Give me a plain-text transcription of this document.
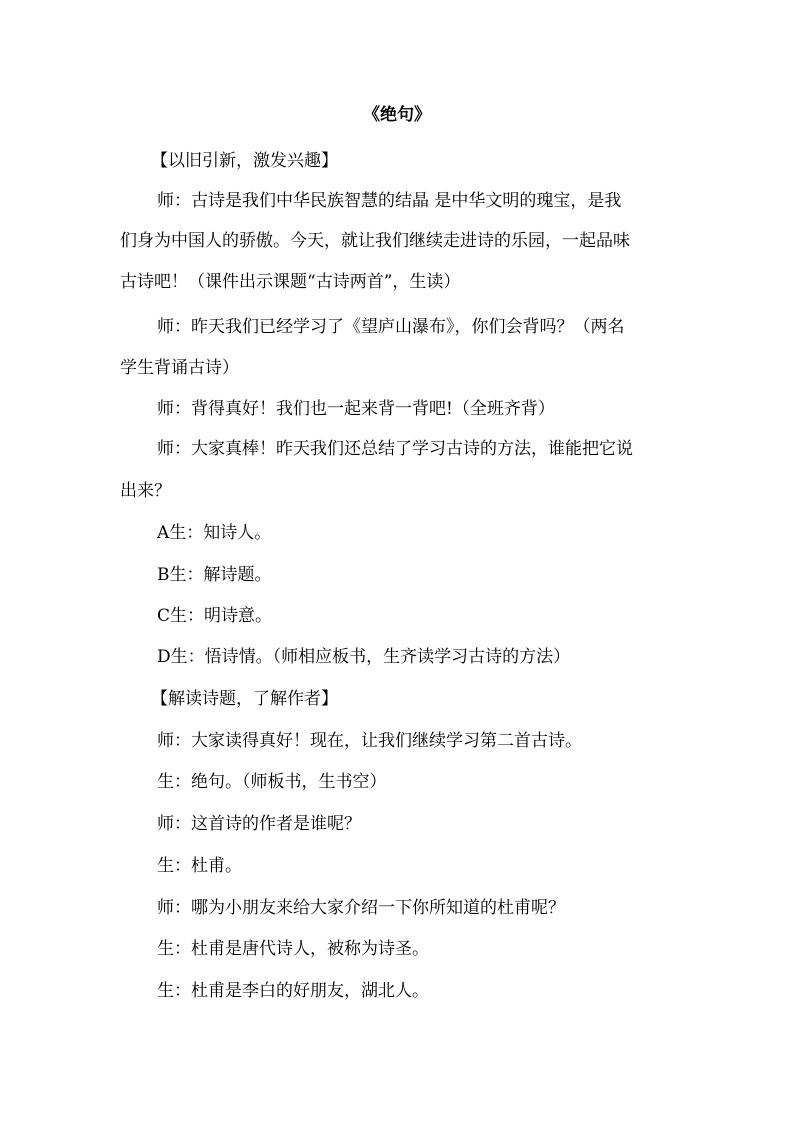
《绝句》
【以旧引新，激发兴趣】
师：古诗是我们中华民族智慧的结晶 是中华文明的瑰宝，是我
们身为中国人的骄傲。今天，就让我们继续走进诗的乐园，一起品味
古诗吧！（课件出示课题“古诗两首”，生读）
师：昨天我们已经学习了《望庐山瀑布》，你们会背吗？（两名
学生背诵古诗）
师：背得真好！我们也一起来背一背吧!（全班齐背）
师：大家真棒！昨天我们还总结了学习古诗的方法，谁能把它说
出来？
A生：知诗人。
B生：解诗题。
C生：明诗意。
D生：悟诗情。（师相应板书，生齐读学习古诗的方法）
【解读诗题，了解作者】
师：大家读得真好！现在，让我们继续学习第二首古诗。
生：绝句。（师板书，生书空）
师：这首诗的作者是谁呢？
生：杜甫。
师：哪为小朋友来给大家介绍一下你所知道的杜甫呢？
生：杜甫是唐代诗人，被称为诗圣。
生：杜甫是李白的好朋友，湖北人。
